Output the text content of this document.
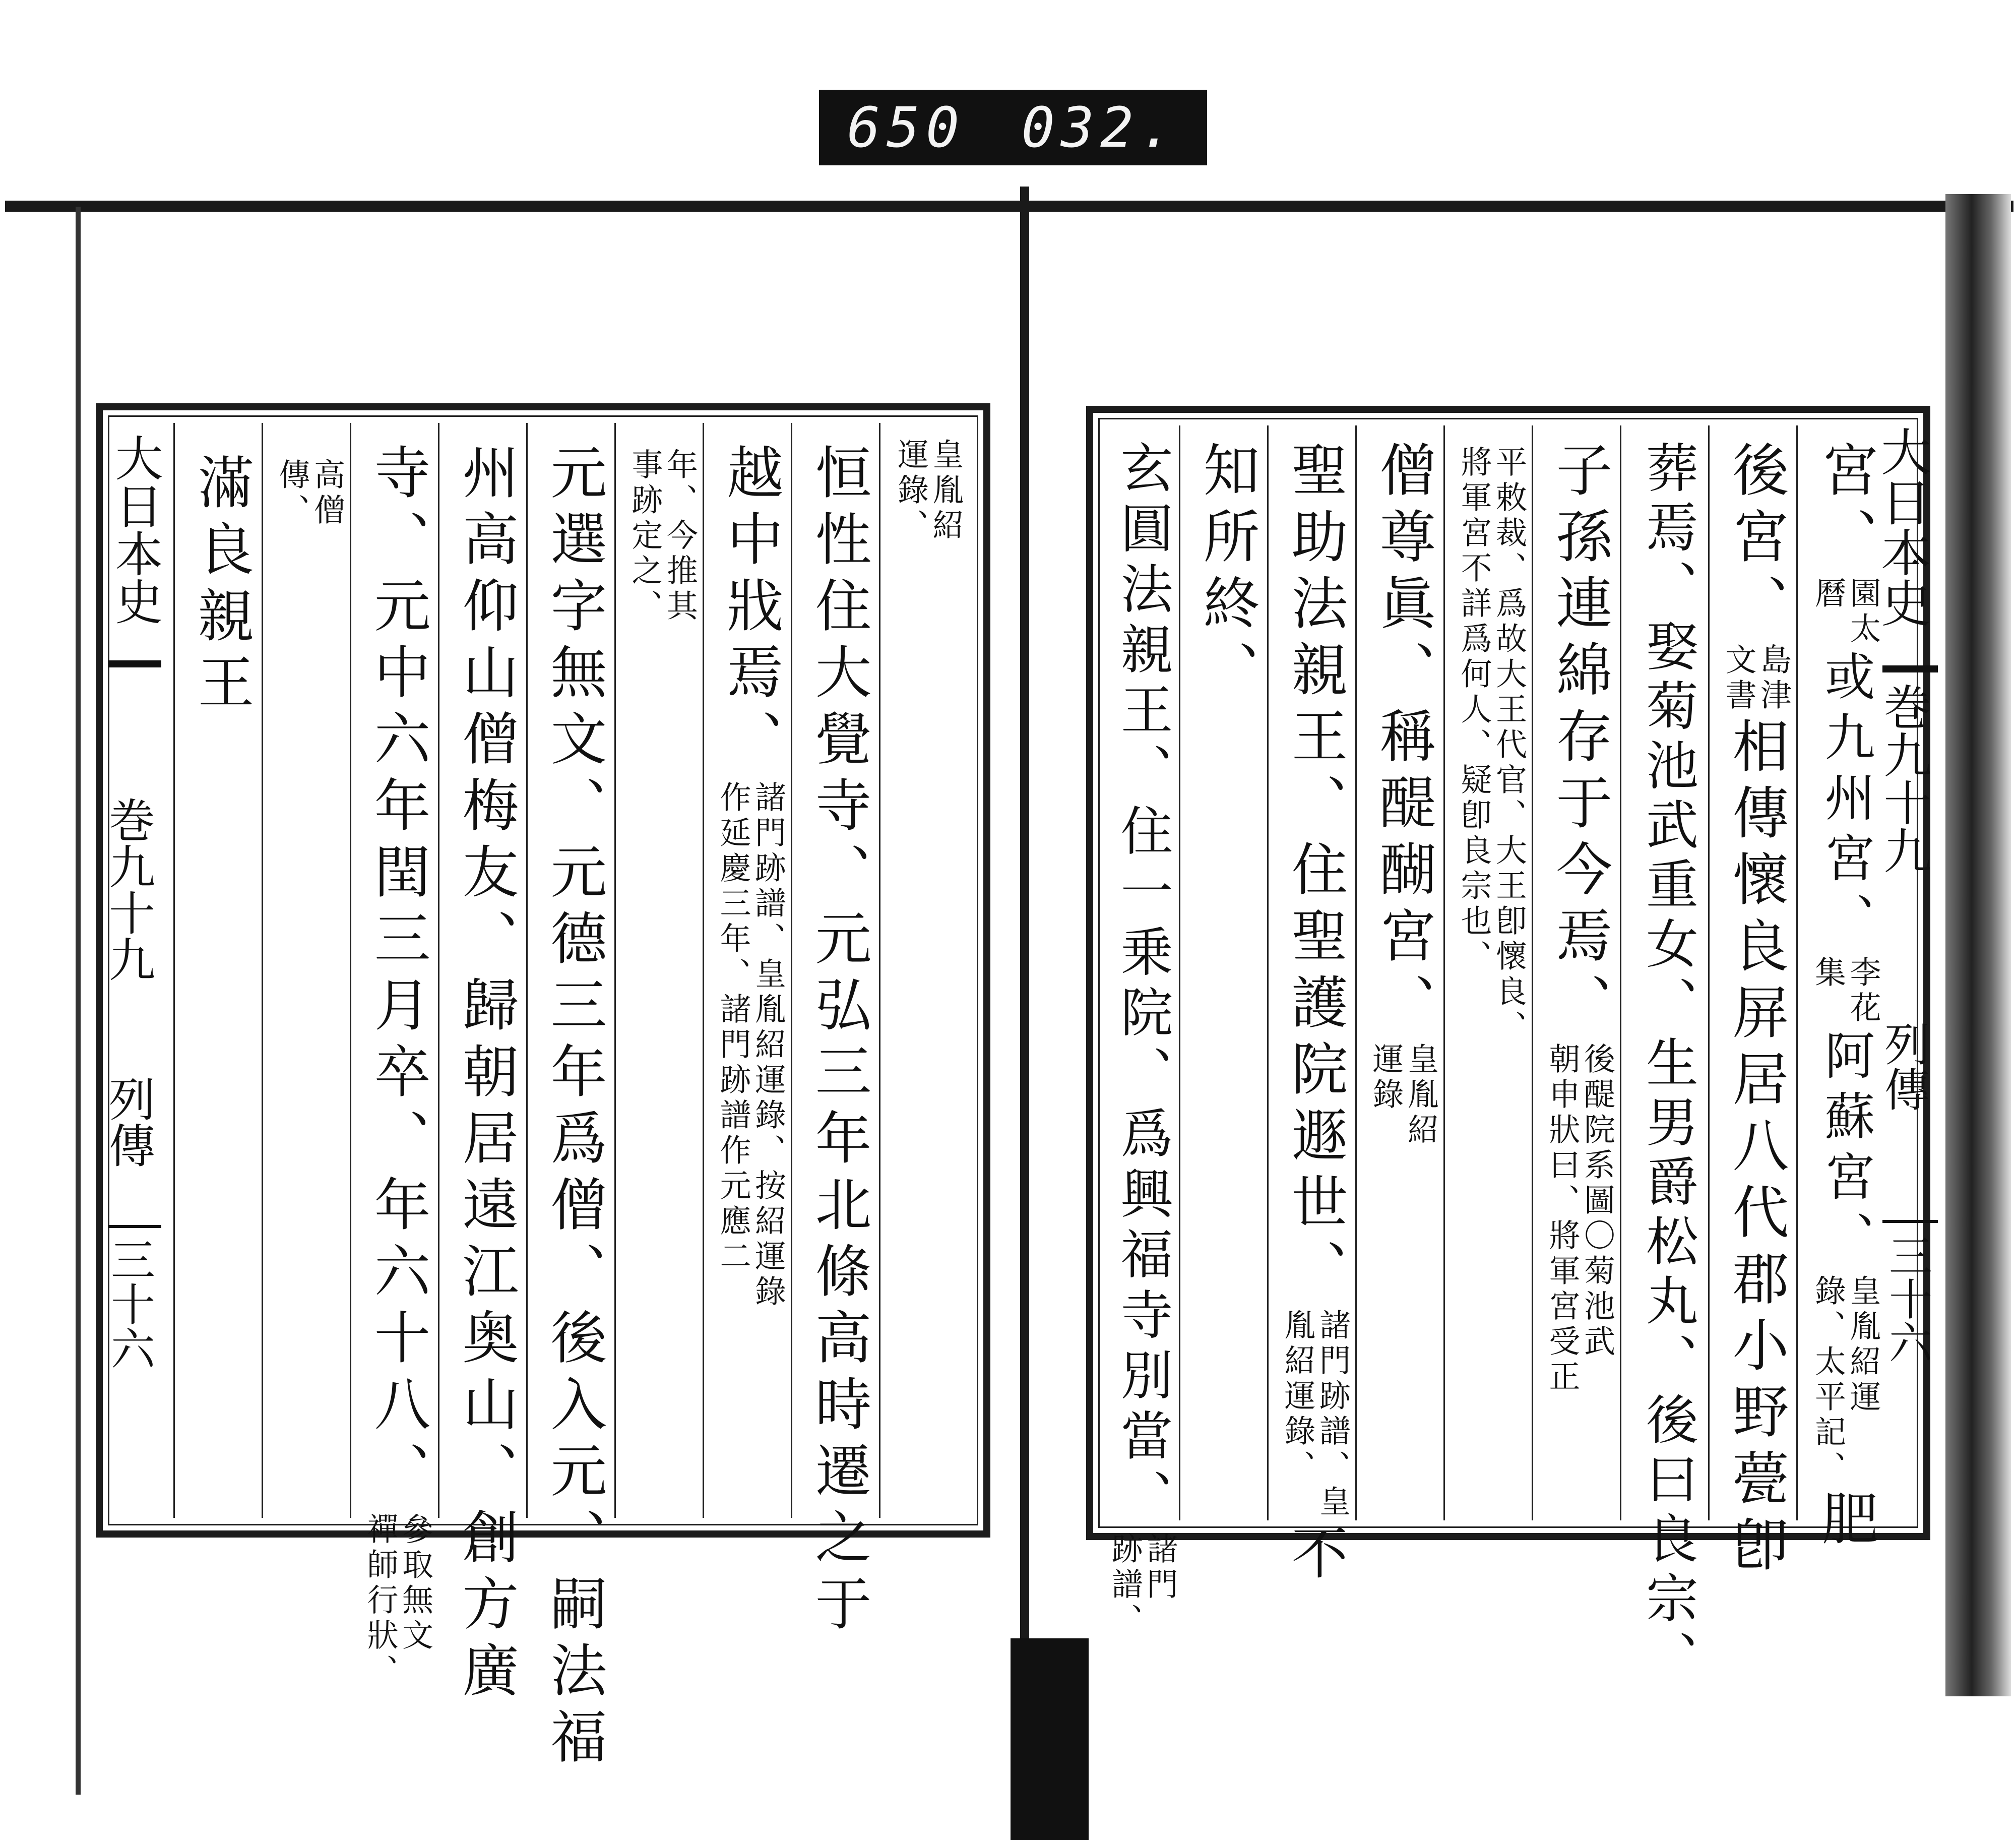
650 032.
皇胤紹
運錄、
恒性住大覺寺、元弘三年北條高時遷之于
越中戕焉、
諸門跡譜、皇胤紹運錄、按紹運錄
作延慶三年、諸門跡譜作元應二
年、今推其
事跡定之、
元選字無文、元德三年爲僧、後入元、嗣法福
州高仰山僧梅友、歸朝居遠江奥山、創方廣
寺、元中六年閏三月卒、年六十八、
參取無文
禪師行狀、
高僧
傳、
滿良親王
大日本史
巻九十九
列傳
三十六
宮、
園太
曆
或九州宮、
李花
集
阿蘇宮、
皇胤紹運
錄、太平記、
肥
後宮、
島津
文書
相傳懷良屏居八代郡小野甍卽
葬焉、娶菊池武重女、生男爵松丸、後曰良宗、
子孫連綿存于今焉、
後醍院系圖〇菊池武
朝申狀曰、將軍宮受正
平敕裁、爲故大王代官、大王卽懷良、
將軍宮不詳爲何人、疑卽良宗也、
僧尊眞、稱醍醐宮、
皇胤紹
運錄
聖助法親王、住聖護院遯世、
諸門跡譜、皇
胤紹運錄、
不
知所終、
玄圓法親王、住一乗院、爲興福寺別當、
諸門
跡譜、
大日本史
巻九十九
列傳
三十六
